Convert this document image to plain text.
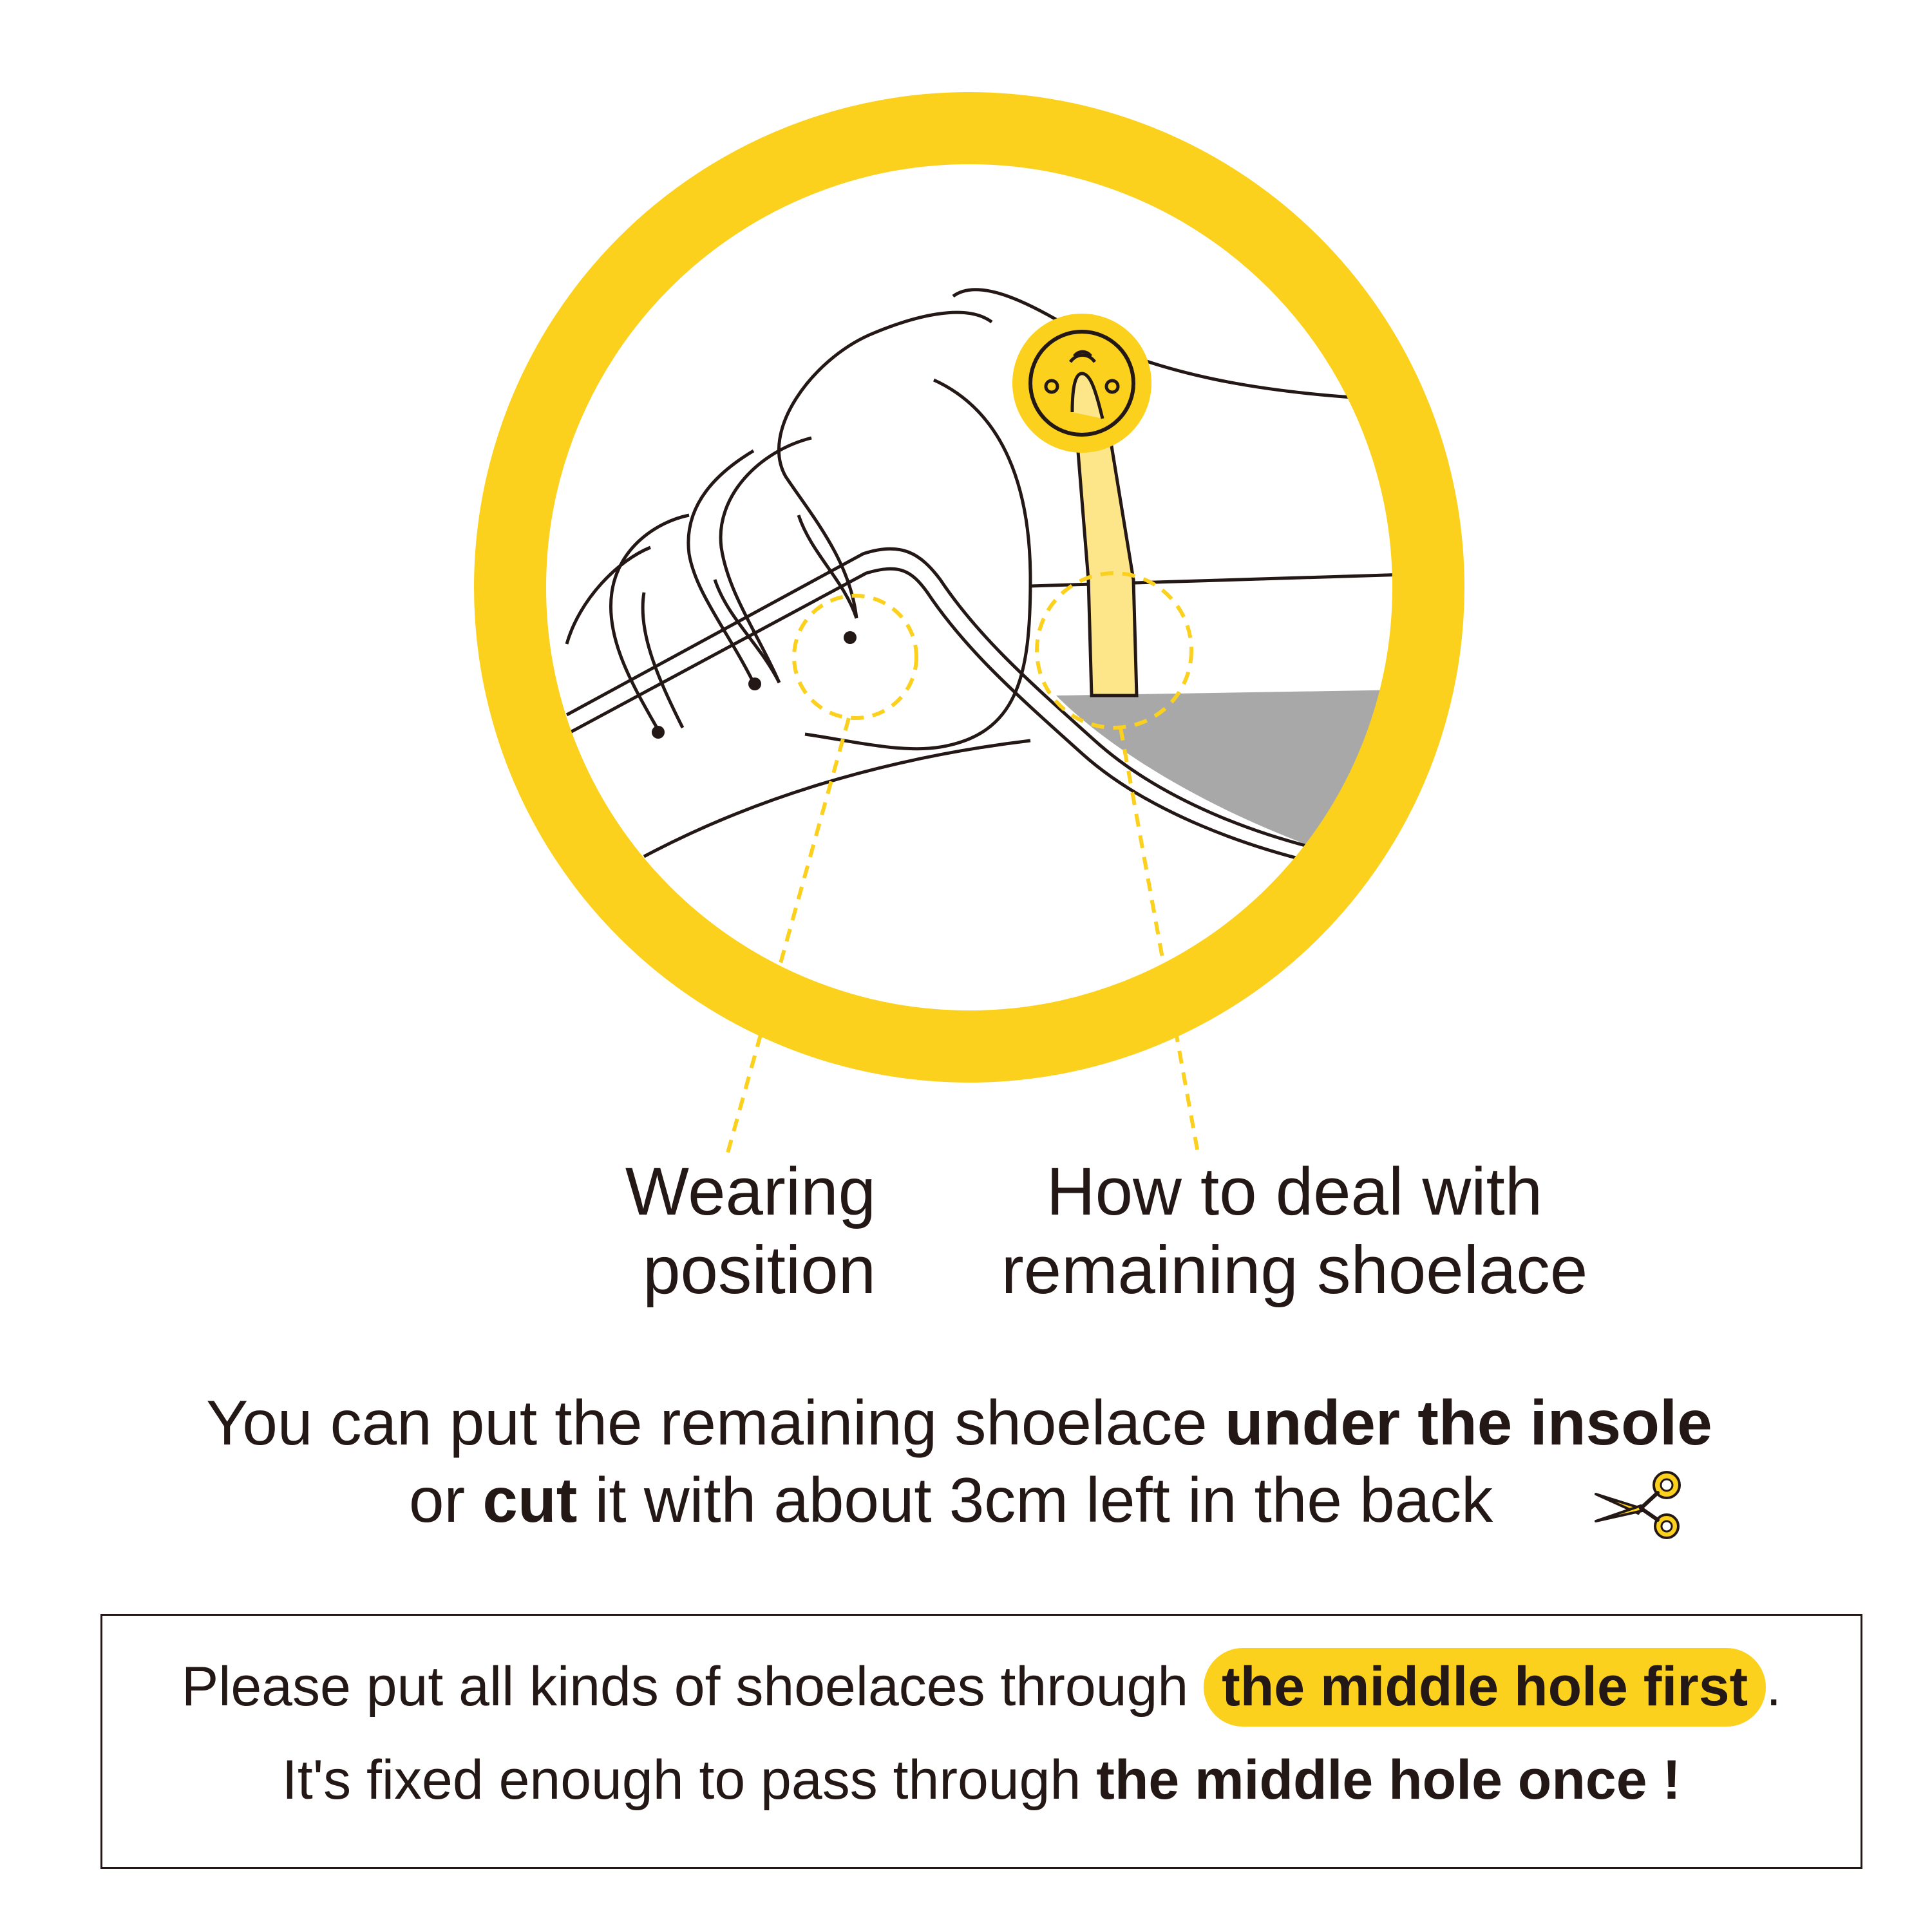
Wearing
position
How to deal with
remaining shoelace
You can put the remaining shoelace under the insole
or cut it with about 3cm left in the back
Please put all kinds of shoelaces through the middle hole first .
It's fixed enough to pass through the middle hole once !
